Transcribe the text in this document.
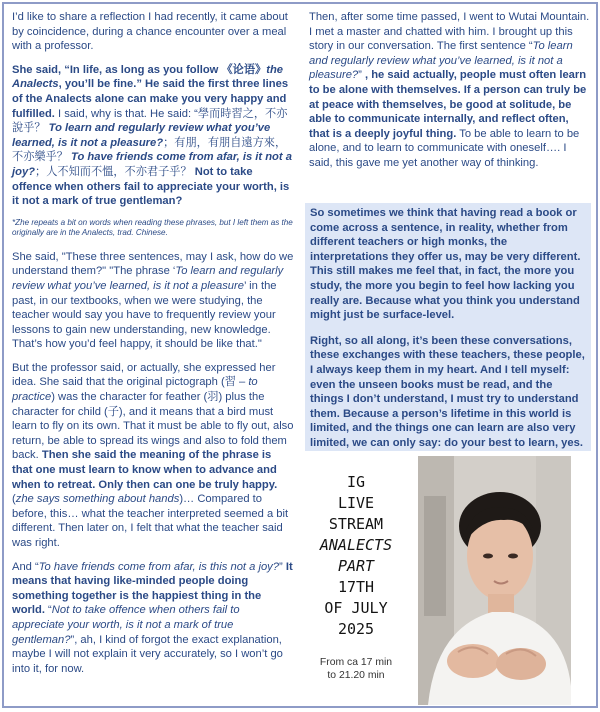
I’d like to share a reflection I had recently, it came about by coincidence, during a chance encounter over a meal with a professor.

She said, “In life, as long as you follow 《论语》the Analects, you’ll be fine.” He said the first three lines of the Analects alone can make you very happy and fulfilled. I said, why is that. He said: “學而時習之，不亦說乎？ To learn and regularly review what you’ve learned, is it not a pleasure?；有朋，有朋自遠方來，不亦樂乎？ To have friends come from afar, is it not a joy?；人不知而不慍，不亦君子乎？ Not to take offence when others fail to appreciate your worth, is it not a mark of true gentleman?

*Zhe repeats a bit on words when reading these phrases, but I left them as the originally are in the Analects, trad. Chinese.

She said, "These three sentences, may I ask, how do we understand them?" "The phrase ‘To learn and regularly review what you’ve learned, is it not a pleasure’ in the past, in our textbooks, when we were studying, the teacher would say you have to frequently review your lessons to gain new understanding, new knowledge. That’s how you’d feel happy, it should be like that."

But the professor said, or actually, she expressed her idea. She said that the original pictograph (習 – to practice) was the character for feather (羽) plus the character for child (子), and it means that a bird must learn to fly on its own. That it must be able to fly out, also return, be able to spread its wings and also to fold them back. Then she said the meaning of the phrase is that one must learn to know when to advance and when to retreat. Only then can one be truly happy. (zhe says something about hands)… Compared to before, this… what the teacher interpreted seemed a bit different. Then later on, I felt that what the teacher said was right.

And “To have friends come from afar, is this not a joy?” It means that having like-minded people doing something together is the happiest thing in the world. “Not to take offence when others fail to appreciate your worth, is it not a mark of true gentleman?”, ah, I kind of forgot the exact explanation, maybe I will not explain it very accurately, so I won’t go into it, for now.

Then, after some time passed, I went to Wutai Mountain. I met a master and chatted with him. I brought up this story in our conversation. The first sentence “To learn and regularly review what you’ve learned, is it not a pleasure?” , he said actually, people must often learn to be alone with themselves. If a person can truly be at peace with themselves, be good at solitude, be able to communicate internally, and reflect often, that is a deeply joyful thing. To be able to learn to be alone, and to learn to communicate with oneself…. I said, this gave me yet another way of thinking.

So sometimes we think that having read a book or come across a sentence, in reality, whether from different teachers or high monks, the interpretations they offer us, may be very different. This still makes me feel that, in fact, the more you study, the more you begin to feel how lacking you really are. Because what you think you understand might just be surface-level.

Right, so all along, it’s been these conversations, these exchanges with these teachers, these people, I always keep them in my heart. And I tell myself: even the unseen books must be read, and the things I don’t understand, I must try to understand them. Because a person’s lifetime in this world is limited, and the things one can learn are also very limited, we can only say: do your best to learn, yes.

IG
LIVE
STREAM
ANALECTS
PART
17TH
OF JULY
2025
From ca 17 min
to 21.20 min
